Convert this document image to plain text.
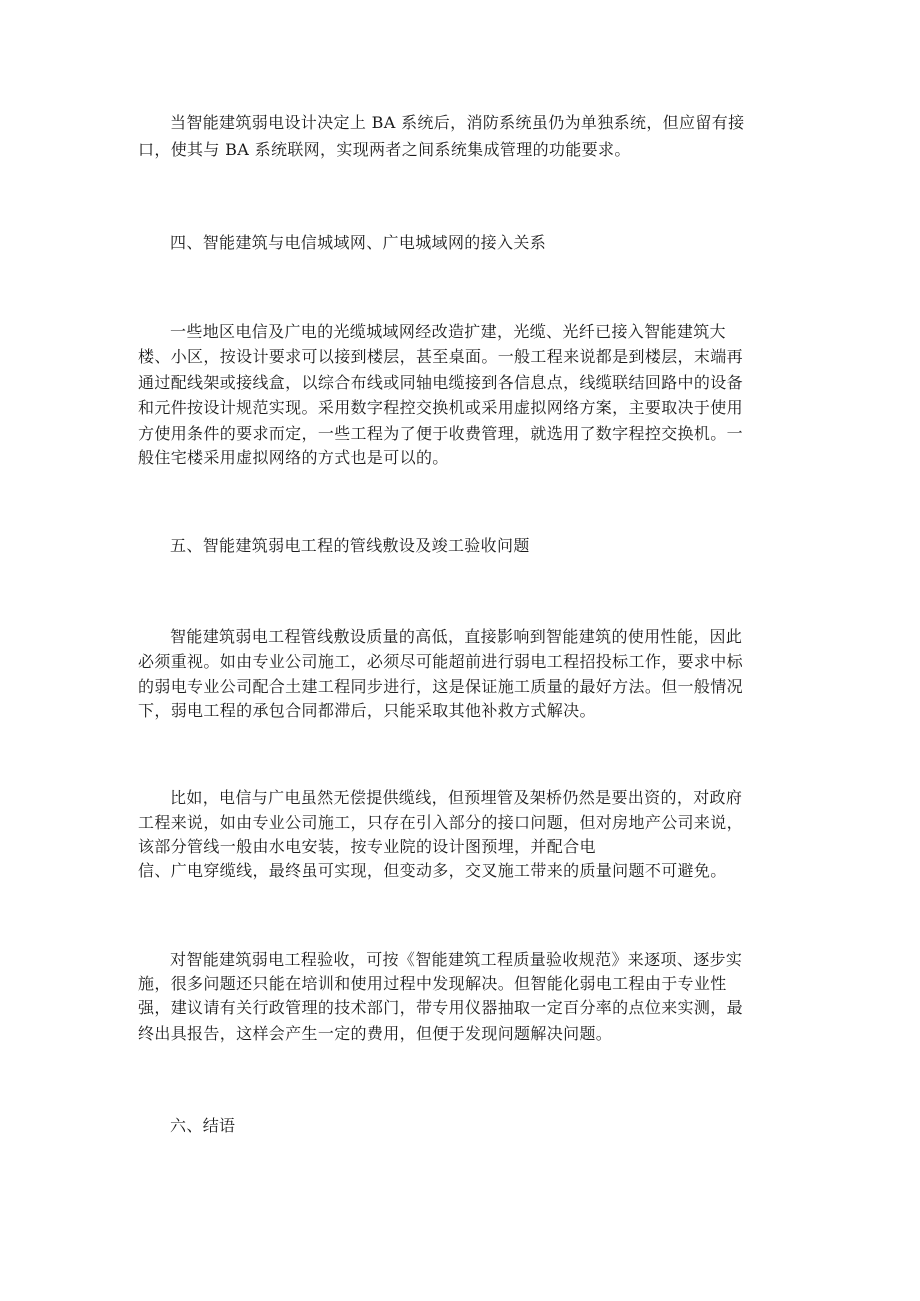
当智能建筑弱电设计决定上 BA 系统后，消防系统虽仍为单独系统，但应留有接
口，使其与 BA 系统联网，实现两者之间系统集成管理的功能要求。
四、智能建筑与电信城域网、广电城域网的接入关系
一些地区电信及广电的光缆城域网经改造扩建，光缆、光纤已接入智能建筑大
楼、小区，按设计要求可以接到楼层，甚至桌面。一般工程来说都是到楼层，末端再
通过配线架或接线盒，以综合布线或同轴电缆接到各信息点，线缆联结回路中的设备
和元件按设计规范实现。采用数字程控交换机或采用虚拟网络方案，主要取决于使用
方使用条件的要求而定，一些工程为了便于收费管理，就选用了数字程控交换机。一
般住宅楼采用虚拟网络的方式也是可以的。
五、智能建筑弱电工程的管线敷设及竣工验收问题
智能建筑弱电工程管线敷设质量的高低，直接影响到智能建筑的使用性能，因此
必须重视。如由专业公司施工，必须尽可能超前进行弱电工程招投标工作，要求中标
的弱电专业公司配合土建工程同步进行，这是保证施工质量的最好方法。但一般情况
下，弱电工程的承包合同都滞后，只能采取其他补救方式解决。
比如，电信与广电虽然无偿提供缆线，但预埋管及架桥仍然是要出资的，对政府
工程来说，如由专业公司施工，只存在引入部分的接口问题，但对房地产公司来说，
该部分管线一般由水电安装，按专业院的设计图预埋，并配合电
信、广电穿缆线，最终虽可实现，但变动多，交叉施工带来的质量问题不可避免。
对智能建筑弱电工程验收，可按《智能建筑工程质量验收规范》来逐项、逐步实
施，很多问题还只能在培训和使用过程中发现解决。但智能化弱电工程由于专业性
强，建议请有关行政管理的技术部门，带专用仪器抽取一定百分率的点位来实测，最
终出具报告，这样会产生一定的费用，但便于发现问题解决问题。
六、结语
